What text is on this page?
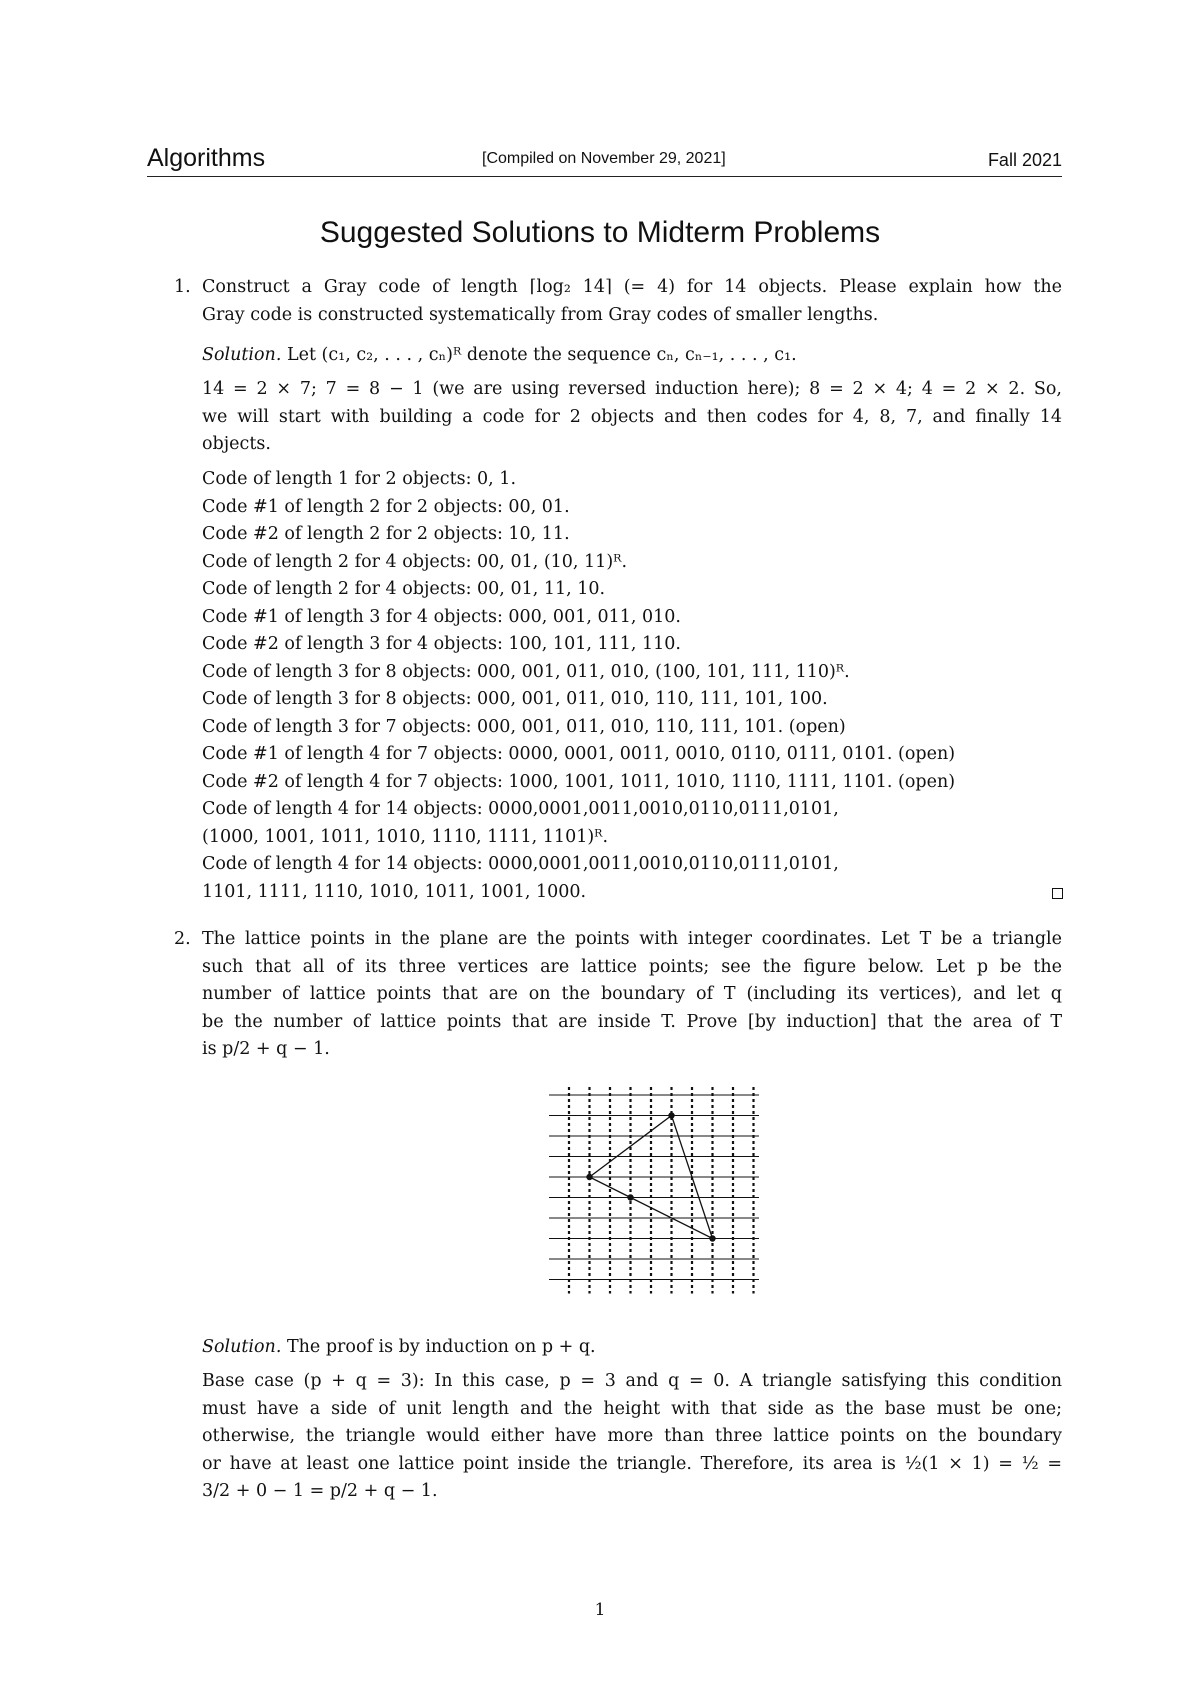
Algorithms	[Compiled on November 29, 2021]	Fall 2021
Suggested Solutions to Midterm Problems
1. Construct a Gray code of length ⌈log₂ 14⌉ (= 4) for 14 objects. Please explain how the
Gray code is constructed systematically from Gray codes of smaller lengths.
Solution. Let (c₁, c₂, . . . , cₙ)ᴿ denote the sequence cₙ, cₙ₋₁, . . . , c₁.
14 = 2 × 7; 7 = 8 − 1 (we are using reversed induction here); 8 = 2 × 4; 4 = 2 × 2. So,
we will start with building a code for 2 objects and then codes for 4, 8, 7, and finally 14
objects.
Code of length 1 for 2 objects: 0, 1.
Code #1 of length 2 for 2 objects: 00, 01.
Code #2 of length 2 for 2 objects: 10, 11.
Code of length 2 for 4 objects: 00, 01, (10, 11)ᴿ.
Code of length 2 for 4 objects: 00, 01, 11, 10.
Code #1 of length 3 for 4 objects: 000, 001, 011, 010.
Code #2 of length 3 for 4 objects: 100, 101, 111, 110.
Code of length 3 for 8 objects: 000, 001, 011, 010, (100, 101, 111, 110)ᴿ.
Code of length 3 for 8 objects: 000, 001, 011, 010, 110, 111, 101, 100.
Code of length 3 for 7 objects: 000, 001, 011, 010, 110, 111, 101. (open)
Code #1 of length 4 for 7 objects: 0000, 0001, 0011, 0010, 0110, 0111, 0101. (open)
Code #2 of length 4 for 7 objects: 1000, 1001, 1011, 1010, 1110, 1111, 1101. (open)
Code of length 4 for 14 objects: 0000,0001,0011,0010,0110,0111,0101,
(1000, 1001, 1011, 1010, 1110, 1111, 1101)ᴿ.
Code of length 4 for 14 objects: 0000,0001,0011,0010,0110,0111,0101,
1101, 1111, 1110, 1010, 1011, 1001, 1000.
2. The lattice points in the plane are the points with integer coordinates. Let T be a triangle
such that all of its three vertices are lattice points; see the figure below. Let p be the
number of lattice points that are on the boundary of T (including its vertices), and let q
be the number of lattice points that are inside T. Prove [by induction] that the area of T
is p/2 + q − 1.
Solution. The proof is by induction on p + q.
Base case (p + q = 3): In this case, p = 3 and q = 0. A triangle satisfying this condition
must have a side of unit length and the height with that side as the base must be one;
otherwise, the triangle would either have more than three lattice points on the boundary
or have at least one lattice point inside the triangle. Therefore, its area is ½(1 × 1) = ½ =
3/2 + 0 − 1 = p/2 + q − 1.
1
